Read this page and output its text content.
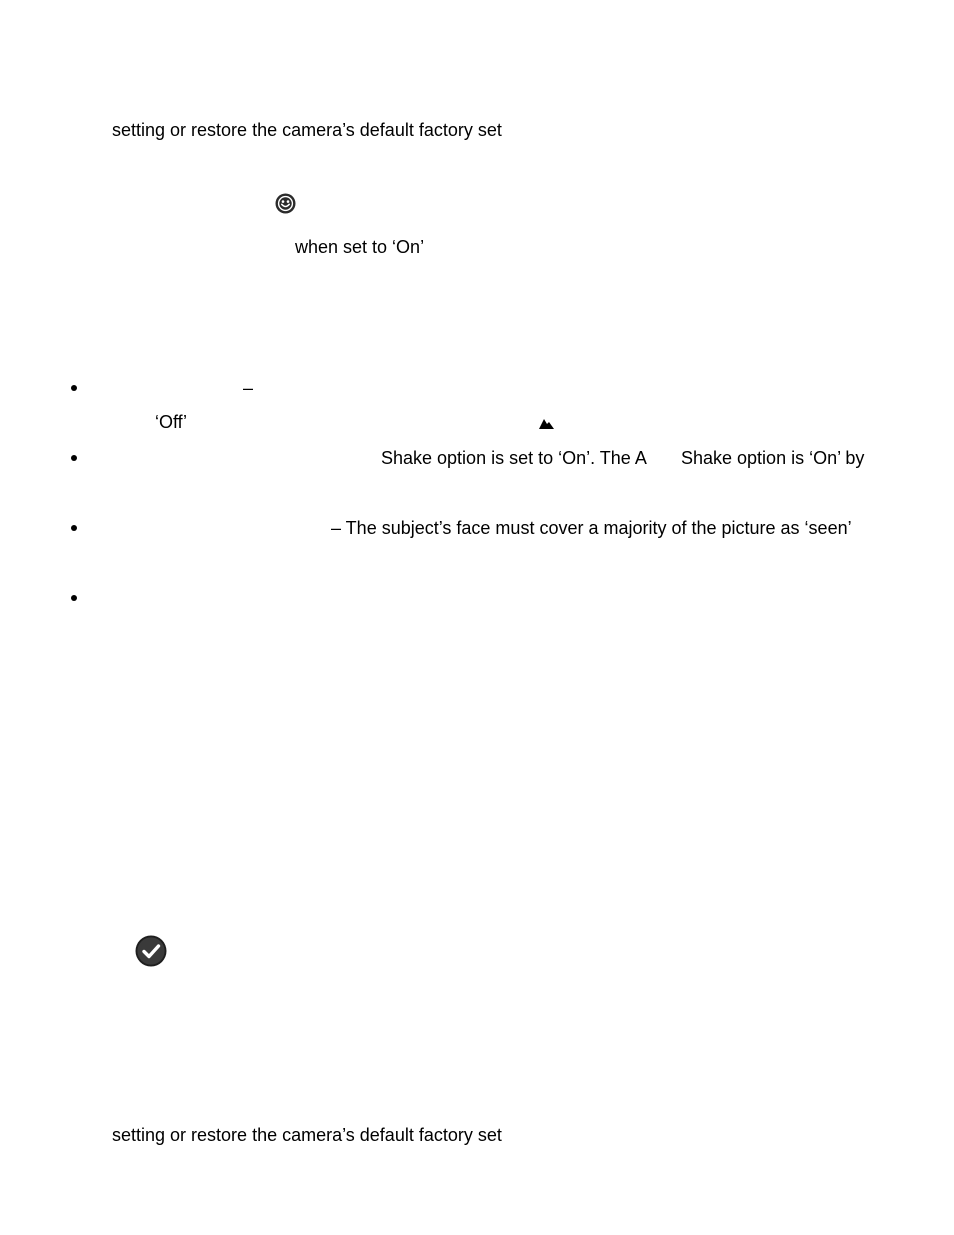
setting or restore the camera’s default factory set
when set to ‘On’
–
‘Off’
Shake option is set to ‘On’. The A Shake option is ‘On’ by
– The subject’s face must cover a majority of the picture as ‘seen’
setting or restore the camera’s default factory set
